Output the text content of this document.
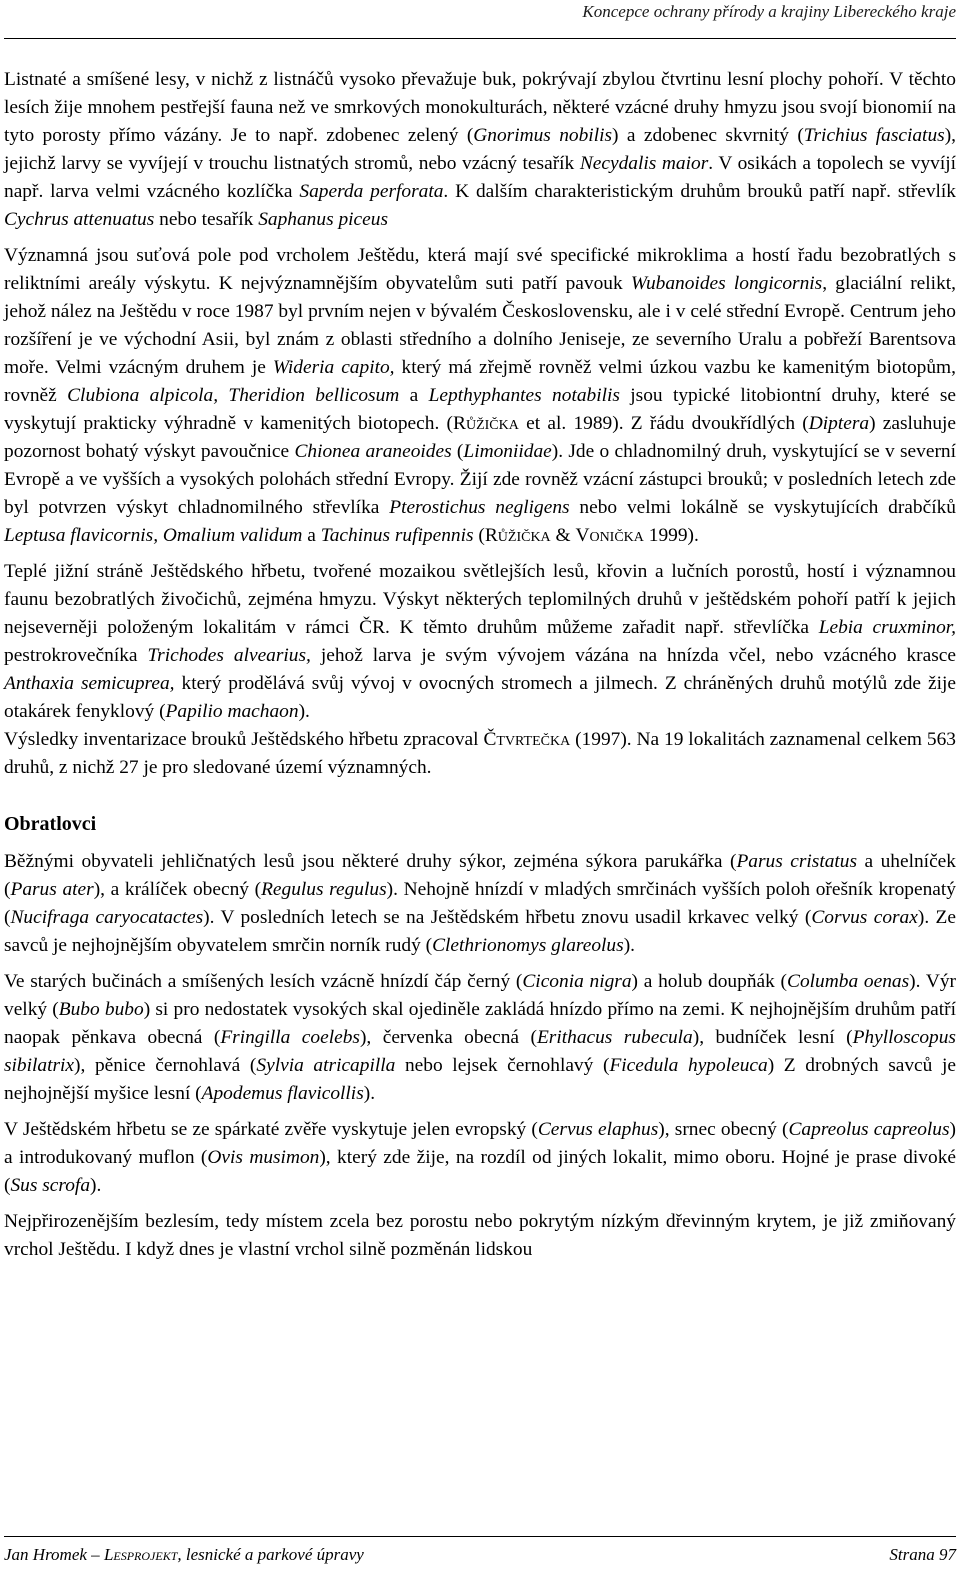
Koncepce ochrany přírody a krajiny Libereckého kraje

Listnaté a smíšené lesy, v nichž z listnáčů vysoko převažuje buk, pokrývají zbylou čtvrtinu lesní plochy pohoří. V těchto lesích žije mnohem pestřejší fauna než ve smrkových monokulturách, některé vzácné druhy hmyzu jsou svojí bionomií na tyto porosty přímo vázány. Je to např. zdobenec zelený (Gnorimus nobilis) a zdobenec skvrnitý (Trichius fasciatus), jejichž larvy se vyvíjejí v trouchu listnatých stromů, nebo vzácný tesařík Necydalis maior. V osikách a topolech se vyvíjí např. larva velmi vzácného kozlíčka Saperda perforata. K dalším charakteristickým druhům brouků patří např. střevlík Cychrus attenuatus nebo tesařík Saphanus piceus

Významná jsou suťová pole pod vrcholem Ještědu, která mají své specifické mikroklima a hostí řadu bezobratlých s reliktními areály výskytu. K nejvýznamnějším obyvatelům suti patří pavouk Wubanoides longicornis, glaciální relikt, jehož nález na Ještědu v roce 1987 byl prvním nejen v bývalém Československu, ale i v celé střední Evropě. Centrum jeho rozšíření je ve východní Asii, byl znám z oblasti středního a dolního Jeniseje, ze severního Uralu a pobřeží Barentsova moře. Velmi vzácným druhem je Wideria capito, který má zřejmě rovněž velmi úzkou vazbu ke kamenitým biotopům, rovněž Clubiona alpicola, Theridion bellicosum a Lepthyphantes notabilis jsou typické litobiontní druhy, které se vyskytují prakticky výhradně v kamenitých biotopech. (Růžička et al. 1989). Z řádu dvoukřídlých (Diptera) zasluhuje pozornost bohatý výskyt pavoučnice Chionea araneoides (Limoniidae). Jde o chladnomilný druh, vyskytující se v severní Evropě a ve vyšších a vysokých polohách střední Evropy. Žijí zde rovněž vzácní zástupci brouků; v posledních letech zde byl potvrzen výskyt chladnomilného střevlíka Pterostichus negligens nebo velmi lokálně se vyskytujících drabčíků Leptusa flavicornis, Omalium validum a Tachinus rufipennis (Růžička & Vonička 1999).

Teplé jižní stráně Ještědského hřbetu, tvořené mozaikou světlejších lesů, křovin a lučních porostů, hostí i významnou faunu bezobratlých živočichů, zejména hmyzu. Výskyt některých teplomilných druhů v ještědském pohoří patří k jejich nejseverněji položeným lokalitám v rámci ČR. K těmto druhům můžeme zařadit např. střevlíčka Lebia cruxminor, pestrokrovečníka Trichodes alvearius, jehož larva je svým vývojem vázána na hnízda včel, nebo vzácného krasce Anthaxia semicuprea, který prodělává svůj vývoj v ovocných stromech a jilmech. Z chráněných druhů motýlů zde žije otakárek fenyklový (Papilio machaon).

Výsledky inventarizace brouků Ještědského hřbetu zpracoval Čtvrtečka (1997). Na 19 lokalitách zaznamenal celkem 563 druhů, z nichž 27 je pro sledované území významných.

Obratlovci

Běžnými obyvateli jehličnatých lesů jsou některé druhy sýkor, zejména sýkora parukářka (Parus cristatus a uhelníček (Parus ater), a králíček obecný (Regulus regulus). Nehojně hnízdí v mladých smrčinách vyšších poloh ořešník kropenatý (Nucifraga caryocatactes). V posledních letech se na Ještědském hřbetu znovu usadil krkavec velký (Corvus corax). Ze savců je nejhojnějším obyvatelem smrčin norník rudý (Clethrionomys glareolus).

Ve starých bučinách a smíšených lesích vzácně hnízdí čáp černý (Ciconia nigra) a holub doupňák (Columba oenas). Výr velký (Bubo bubo) si pro nedostatek vysokých skal ojediněle zakládá hnízdo přímo na zemi. K nejhojnějším druhům patří naopak pěnkava obecná (Fringilla coelebs), červenka obecná (Erithacus rubecula), budníček lesní (Phylloscopus sibilatrix), pěnice černohlavá (Sylvia atricapilla nebo lejsek černohlavý (Ficedula hypoleuca) Z drobných savců je nejhojnější myšice lesní (Apodemus flavicollis).

V Ještědském hřbetu se ze spárkaté zvěře vyskytuje jelen evropský (Cervus elaphus), srnec obecný (Capreolus capreolus) a introdukovaný muflon (Ovis musimon), který zde žije, na rozdíl od jiných lokalit, mimo oboru. Hojné je prase divoké (Sus scrofa).

Nejpřirozenějším bezlesím, tedy místem zcela bez porostu nebo pokrytým nízkým dřevinným krytem, je již zmiňovaný vrchol Ještědu. I když dnes je vlastní vrchol silně pozměnán lidskou

Jan Hromek – Lesprojekt, lesnické a parkové úpravy	Strana 97
